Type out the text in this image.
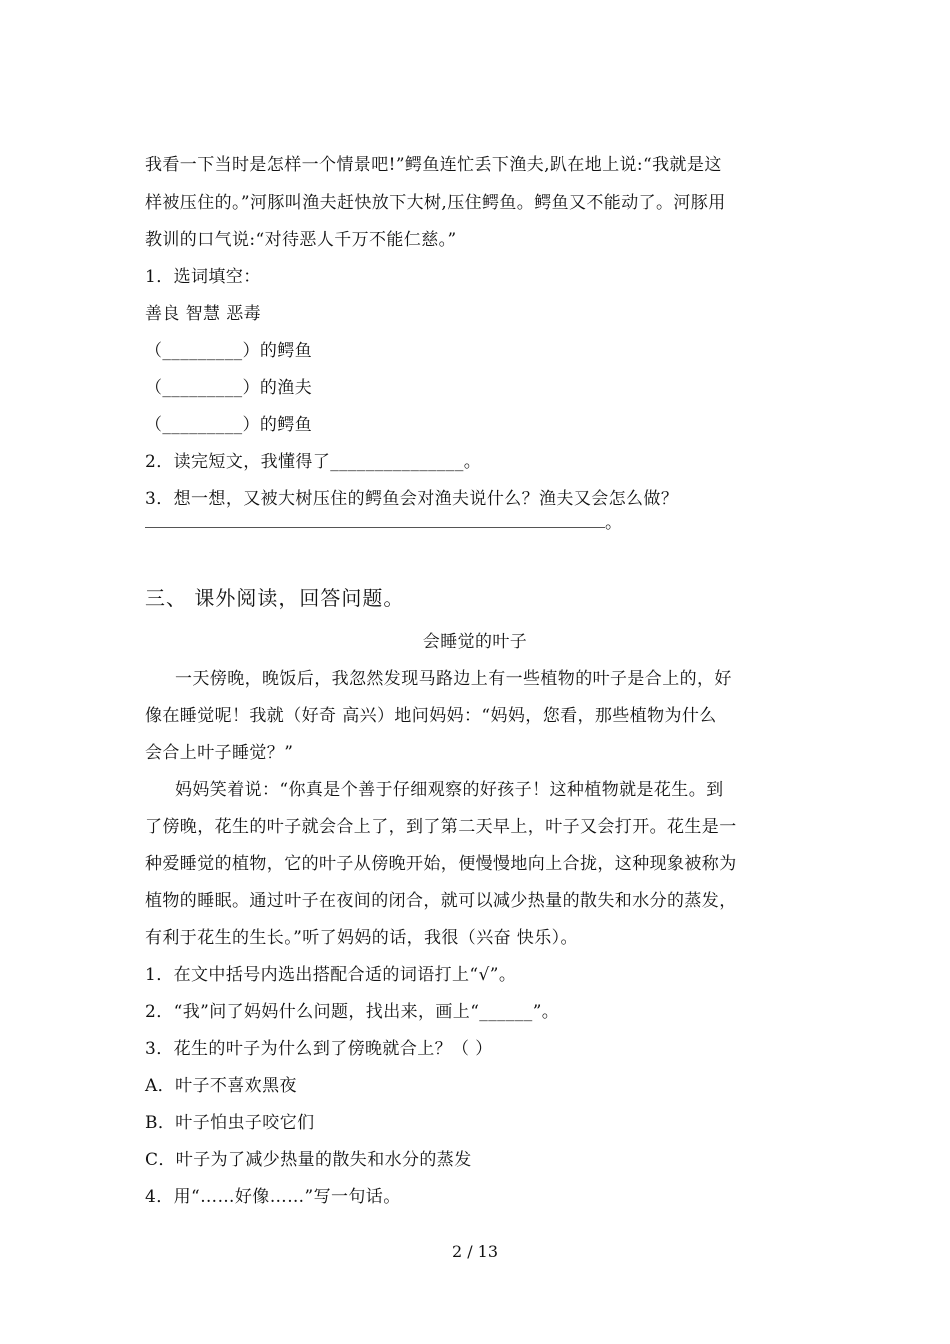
我看一下当时是怎样一个情景吧!”鳄鱼连忙丢下渔夫,趴在地上说:“我就是这
样被压住的。”河豚叫渔夫赶快放下大树,压住鳄鱼。鳄鱼又不能动了。河豚用
教训的口气说:“对待恶人千万不能仁慈。”
1．选词填空：
善良 智慧 恶毒
（_________）的鳄鱼
（_________）的渔夫
（_________）的鳄鱼
2．读完短文，我懂得了_______________。
3．想一想，又被大树压住的鳄鱼会对渔夫说什么？渔夫又会怎么做？
。
三、 课外阅读，回答问题。
会睡觉的叶子
一天傍晚，晚饭后，我忽然发现马路边上有一些植物的叶子是合上的，好
像在睡觉呢！我就（好奇 高兴）地问妈妈：“妈妈，您看，那些植物为什么
会合上叶子睡觉？”
妈妈笑着说：“你真是个善于仔细观察的好孩子！这种植物就是花生。到
了傍晚，花生的叶子就会合上了，到了第二天早上，叶子又会打开。花生是一
种爱睡觉的植物，它的叶子从傍晚开始，便慢慢地向上合拢，这种现象被称为
植物的睡眠。通过叶子在夜间的闭合，就可以减少热量的散失和水分的蒸发，
有利于花生的生长。”听了妈妈的话，我很（兴奋 快乐）。
1．在文中括号内选出搭配合适的词语打上“√”。
2．“我”问了妈妈什么问题，找出来，画上“______”。
3．花生的叶子为什么到了傍晚就合上？（ ）
A．叶子不喜欢黑夜
B．叶子怕虫子咬它们
C．叶子为了减少热量的散失和水分的蒸发
4．用“……好像……”写一句话。
2 / 13
